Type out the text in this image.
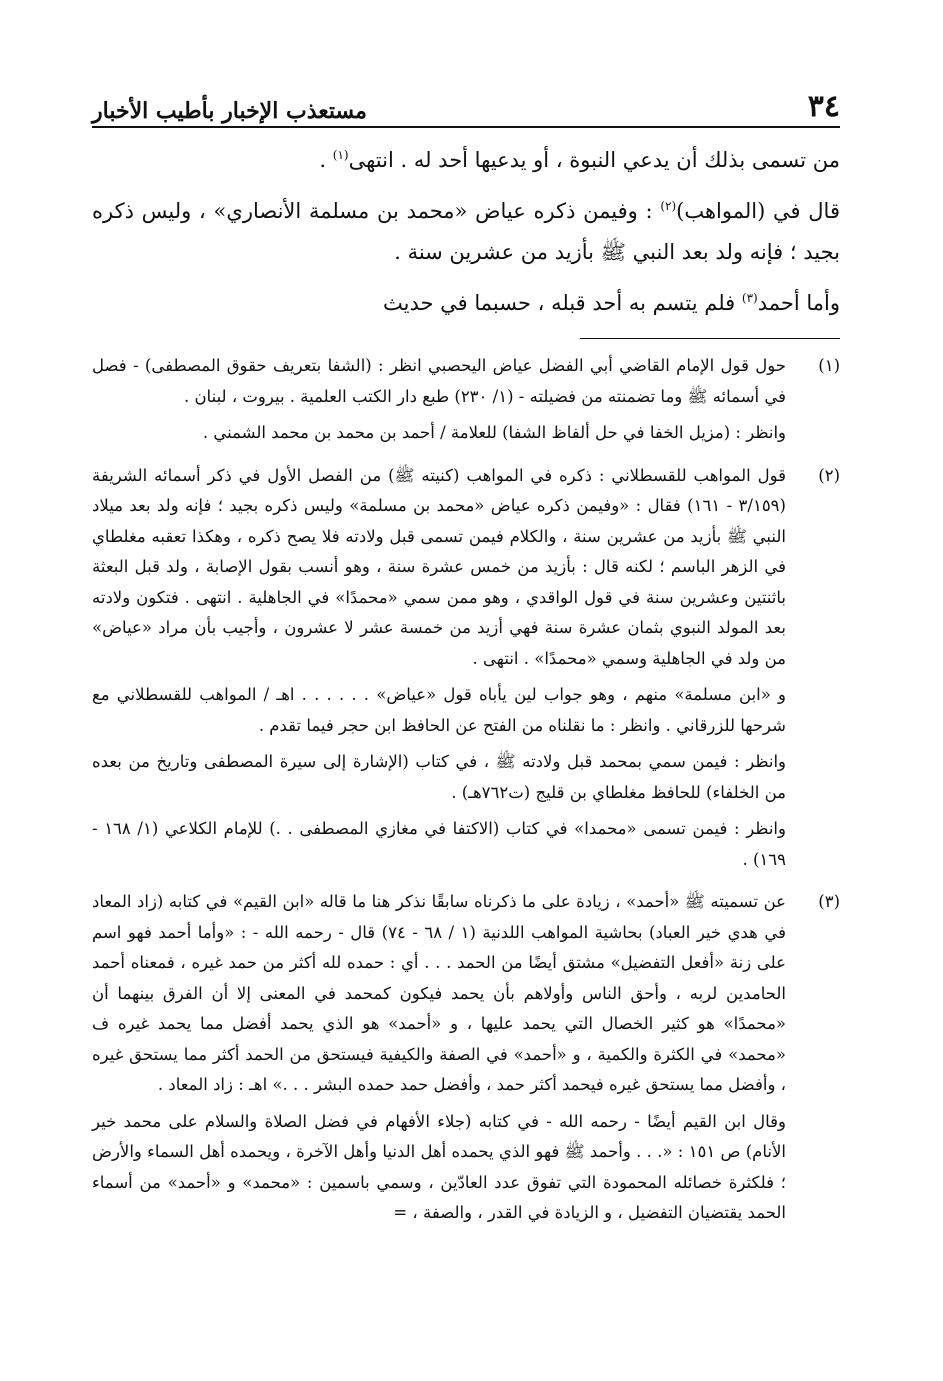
٣٤
مستعذب الإخبار بأطيب الأخبار

من تسمى بذلك أن يدعي النبوة ، أو يدعيها أحد له . انتهى$^{(١)}$ .

قال في (المواهب)$^{(٢)}$ : وفيمن ذكره عياض «محمد بن مسلمة الأنصاري» ، وليس ذكره بجيد ؛ فإنه ولد بعد النبي ﷺ بأزيد من عشرين سنة .

وأما أحمد$^{(٣)}$ فلم يتسم به أحد قبله ، حسبما في حديث

(١)

حول قول الإمام القاضي أبي الفضل عياض اليحصبي انظر : (الشفا بتعريف حقوق المصطفى) - فصل في أسمائه ﷺ وما تضمنته من فضيلته - (١/ ٢٣٠) طبع دار الكتب العلمية . بيروت ، لبنان .

وانظر : (مزيل الخفا في حل ألفاظ الشفا) للعلامة / أحمد بن محمد بن محمد الشمني .

(٢)

قول المواهب للقسطلاني : ذكره في المواهب (كنيته ﷺ) من الفصل الأول في ذكر أسمائه الشريفة (٣/١٥٩ - ١٦١) فقال : «وفيمن ذكره عياض «محمد بن مسلمة» وليس ذكره بجيد ؛ فإنه ولد بعد ميلاد النبي ﷺ بأزيد من عشرين سنة ، والكلام فيمن تسمى قبل ولادته فلا يصح ذكره ، وهكذا تعقبه مغلطاي في الزهر الباسم ؛ لكنه قال : بأزيد من خمس عشرة سنة ، وهو أنسب بقول الإصابة ، ولد قبل البعثة باثنتين وعشرين سنة في قول الواقدي ، وهو ممن سمي «محمدًا» في الجاهلية . انتهى . فتكون ولادته بعد المولد النبوي بثمان عشرة سنة فهي أزيد من خمسة عشر لا عشرون ، وأجيب بأن مراد «عياض» من ولد في الجاهلية وسمي «محمدًا» . انتهى .

و «ابن مسلمة» منهم ، وهو جواب لين يأباه قول «عياض» . . . . . . اهـ / المواهب للقسطلاني مع شرحها للزرقاني . وانظر : ما نقلناه من الفتح عن الحافظ ابن حجر فيما تقدم .

وانظر : فيمن سمي بمحمد قبل ولادته ﷺ ، في كتاب (الإشارة إلى سيرة المصطفى وتاريخ من بعده من الخلفاء) للحافظ مغلطاي بن قليج (ت٧٦٢هـ) .

وانظر : فيمن تسمى «محمدا» في كتاب (الاكتفا في مغازي المصطفى . .) للإمام الكلاعي (١/ ١٦٨ - ١٦٩) .

(٣)

عن تسميته ﷺ «أحمد» ، زيادة على ما ذكرناه سابقًا نذكر هنا ما قاله «ابن القيم» في كتابه (زاد المعاد في هدي خير العباد) بحاشية المواهب اللدنية (١ / ٦٨ - ٧٤) قال - رحمه الله - : «وأما أحمد فهو اسم على زنة «أفعل التفضيل» مشتق أيضًا من الحمد . . . أي : حمده لله أكثر من حمد غيره ، فمعناه أحمد الحامدين لربه ، وأحق الناس وأولاهم بأن يحمد فيكون كمحمد في المعنى إلا أن الفرق بينهما أن «محمدًا» هو كثير الخصال التي يحمد عليها ، و «أحمد» هو الذي يحمد أفضل مما يحمد غيره ف «محمد» في الكثرة والكمية ، و «أحمد» في الصفة والكيفية فيستحق من الحمد أكثر مما يستحق غيره ، وأفضل مما يستحق غيره فيحمد أكثر حمد ، وأفضل حمد حمده البشر . . .» اهـ : زاد المعاد .

وقال ابن القيم أيضًا - رحمه الله - في كتابه (جلاء الأفهام في فضل الصلاة والسلام على محمد خير الأنام) ص ١٥١ : «. . . وأحمد ﷺ فهو الذي يحمده أهل الدنيا وأهل الآخرة ، ويحمده أهل السماء والأرض ؛ فلكثرة خصائله المحمودة التي تفوق عدد العادّين ، وسمي باسمين : «محمد» و «أحمد» من أسماء الحمد يقتضيان التفضيل ، و الزيادة في القدر ، والصفة ، =
